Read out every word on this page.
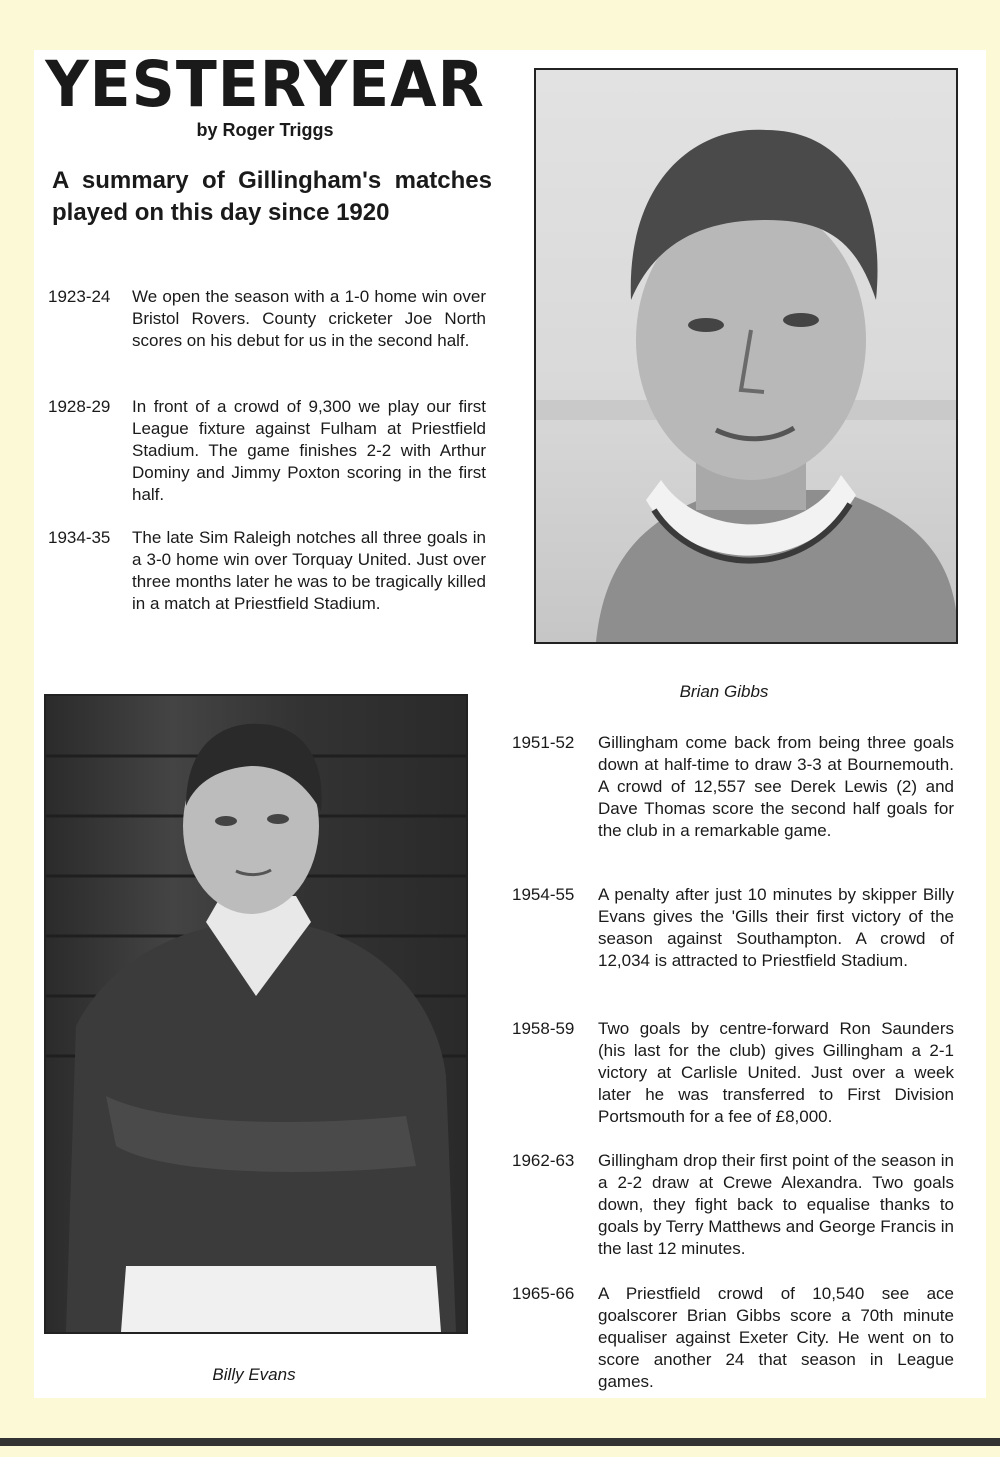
YESTERYEAR
by Roger Triggs
A summary of Gillingham's matches played on this day since 1920
1923-24	We open the season with a 1-0 home win over Bristol Rovers. County cricketer Joe North scores on his debut for us in the second half.
1928-29	In front of a crowd of 9,300 we play our first League fixture against Fulham at Priestfield Stadium. The game finishes 2-2 with Arthur Dominy and Jimmy Poxton scoring in the first half.
1934-35	The late Sim Raleigh notches all three goals in a 3-0 home win over Torquay United. Just over three months later he was to be tragically killed in a match at Priestfield Stadium.
Brian Gibbs
Billy Evans
1951-52	Gillingham come back from being three goals down at half-time to draw 3-3 at Bournemouth. A crowd of 12,557 see Derek Lewis (2) and Dave Thomas score the second half goals for the club in a remarkable game.
1954-55	A penalty after just 10 minutes by skipper Billy Evans gives the 'Gills their first victory of the season against Southampton. A crowd of 12,034 is attracted to Priestfield Stadium.
1958-59	Two goals by centre-forward Ron Saunders (his last for the club) gives Gillingham a 2-1 victory at Carlisle United. Just over a week later he was transferred to First Division Portsmouth for a fee of £8,000.
1962-63	Gillingham drop their first point of the season in a 2-2 draw at Crewe Alexandra. Two goals down, they fight back to equalise thanks to goals by Terry Matthews and George Francis in the last 12 minutes.
1965-66	A Priestfield crowd of 10,540 see ace goalscorer Brian Gibbs score a 70th minute equaliser against Exeter City. He went on to score another 24 that season in League games.
